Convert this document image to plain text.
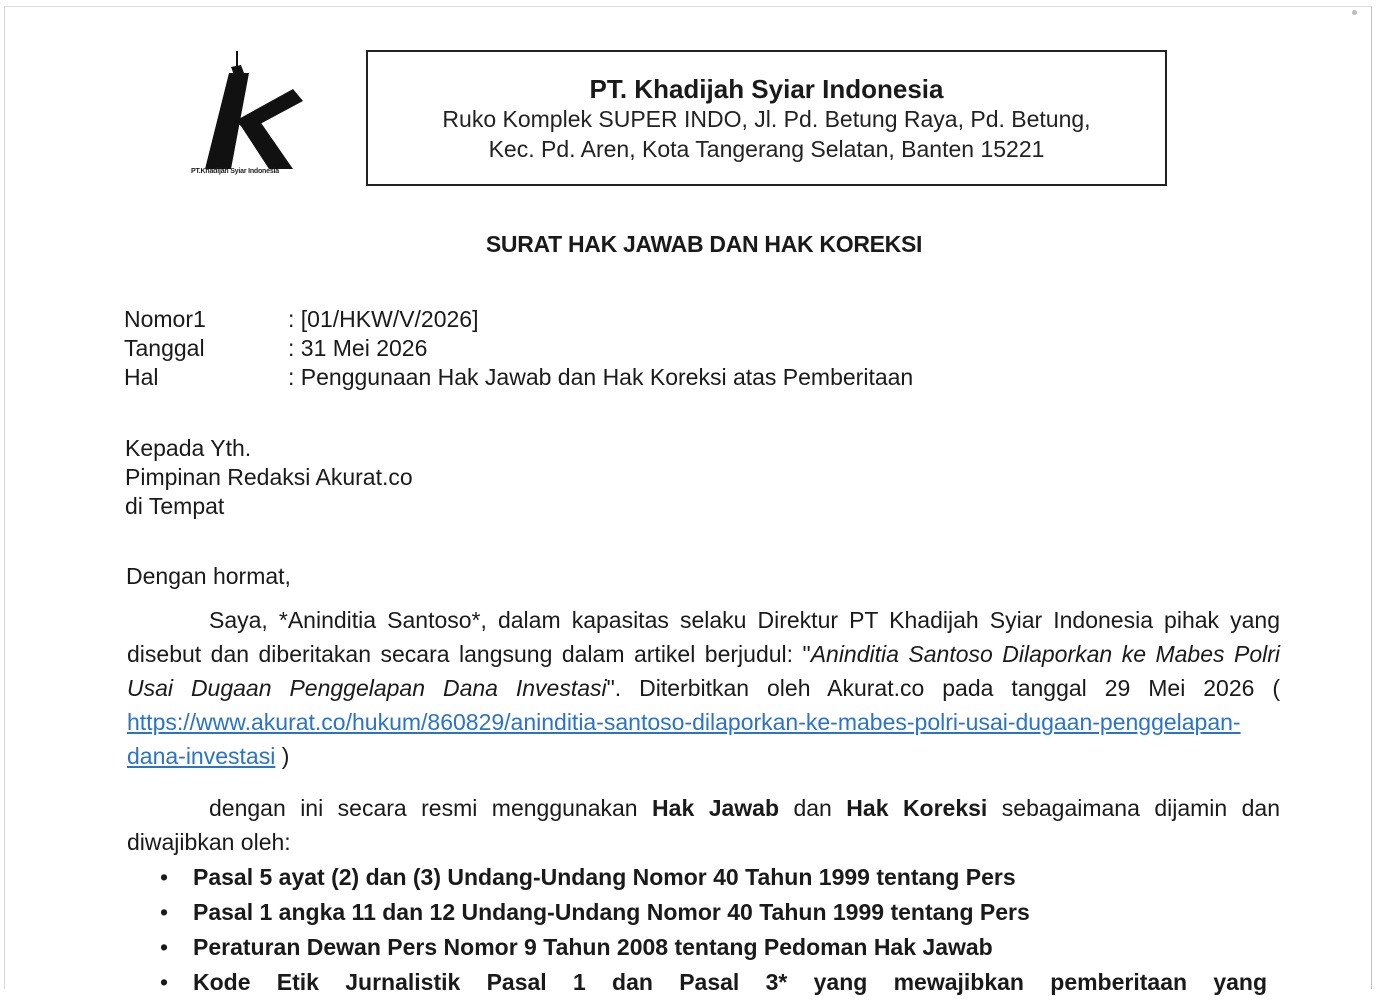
PT.Khadijah Syiar Indonesia
PT. Khadijah Syiar Indonesia
Ruko Komplek SUPER INDO, Jl. Pd. Betung Raya, Pd. Betung,
Kec. Pd. Aren, Kota Tangerang Selatan, Banten 15221
SURAT HAK JAWAB DAN HAK KOREKSI
Nomor1	: [01/HKW/V/2026]
Tanggal	: 31 Mei 2026
Hal	: Penggunaan Hak Jawab dan Hak Koreksi atas Pemberitaan
Kepada Yth.
Pimpinan Redaksi Akurat.co
di Tempat
Dengan hormat,
Saya, *Aninditia Santoso*, dalam kapasitas selaku Direktur PT Khadijah Syiar Indonesia pihak yang disebut dan diberitakan secara langsung dalam artikel berjudul: "Aninditia Santoso Dilaporkan ke Mabes Polri Usai Dugaan Penggelapan Dana Investasi". Diterbitkan oleh Akurat.co pada tanggal 29 Mei 2026 ( https://www.akurat.co/hukum/860829/aninditia-santoso-dilaporkan-ke-mabes-polri-usai-dugaan-penggelapan-dana-investasi )
dengan ini secara resmi menggunakan Hak Jawab dan Hak Koreksi sebagaimana dijamin dan diwajibkan oleh:
• Pasal 5 ayat (2) dan (3) Undang-Undang Nomor 40 Tahun 1999 tentang Pers
• Pasal 1 angka 11 dan 12 Undang-Undang Nomor 40 Tahun 1999 tentang Pers
• Peraturan Dewan Pers Nomor 9 Tahun 2008 tentang Pedoman Hak Jawab
• Kode Etik Jurnalistik Pasal 1 dan Pasal 3* yang mewajibkan pemberitaan yang
